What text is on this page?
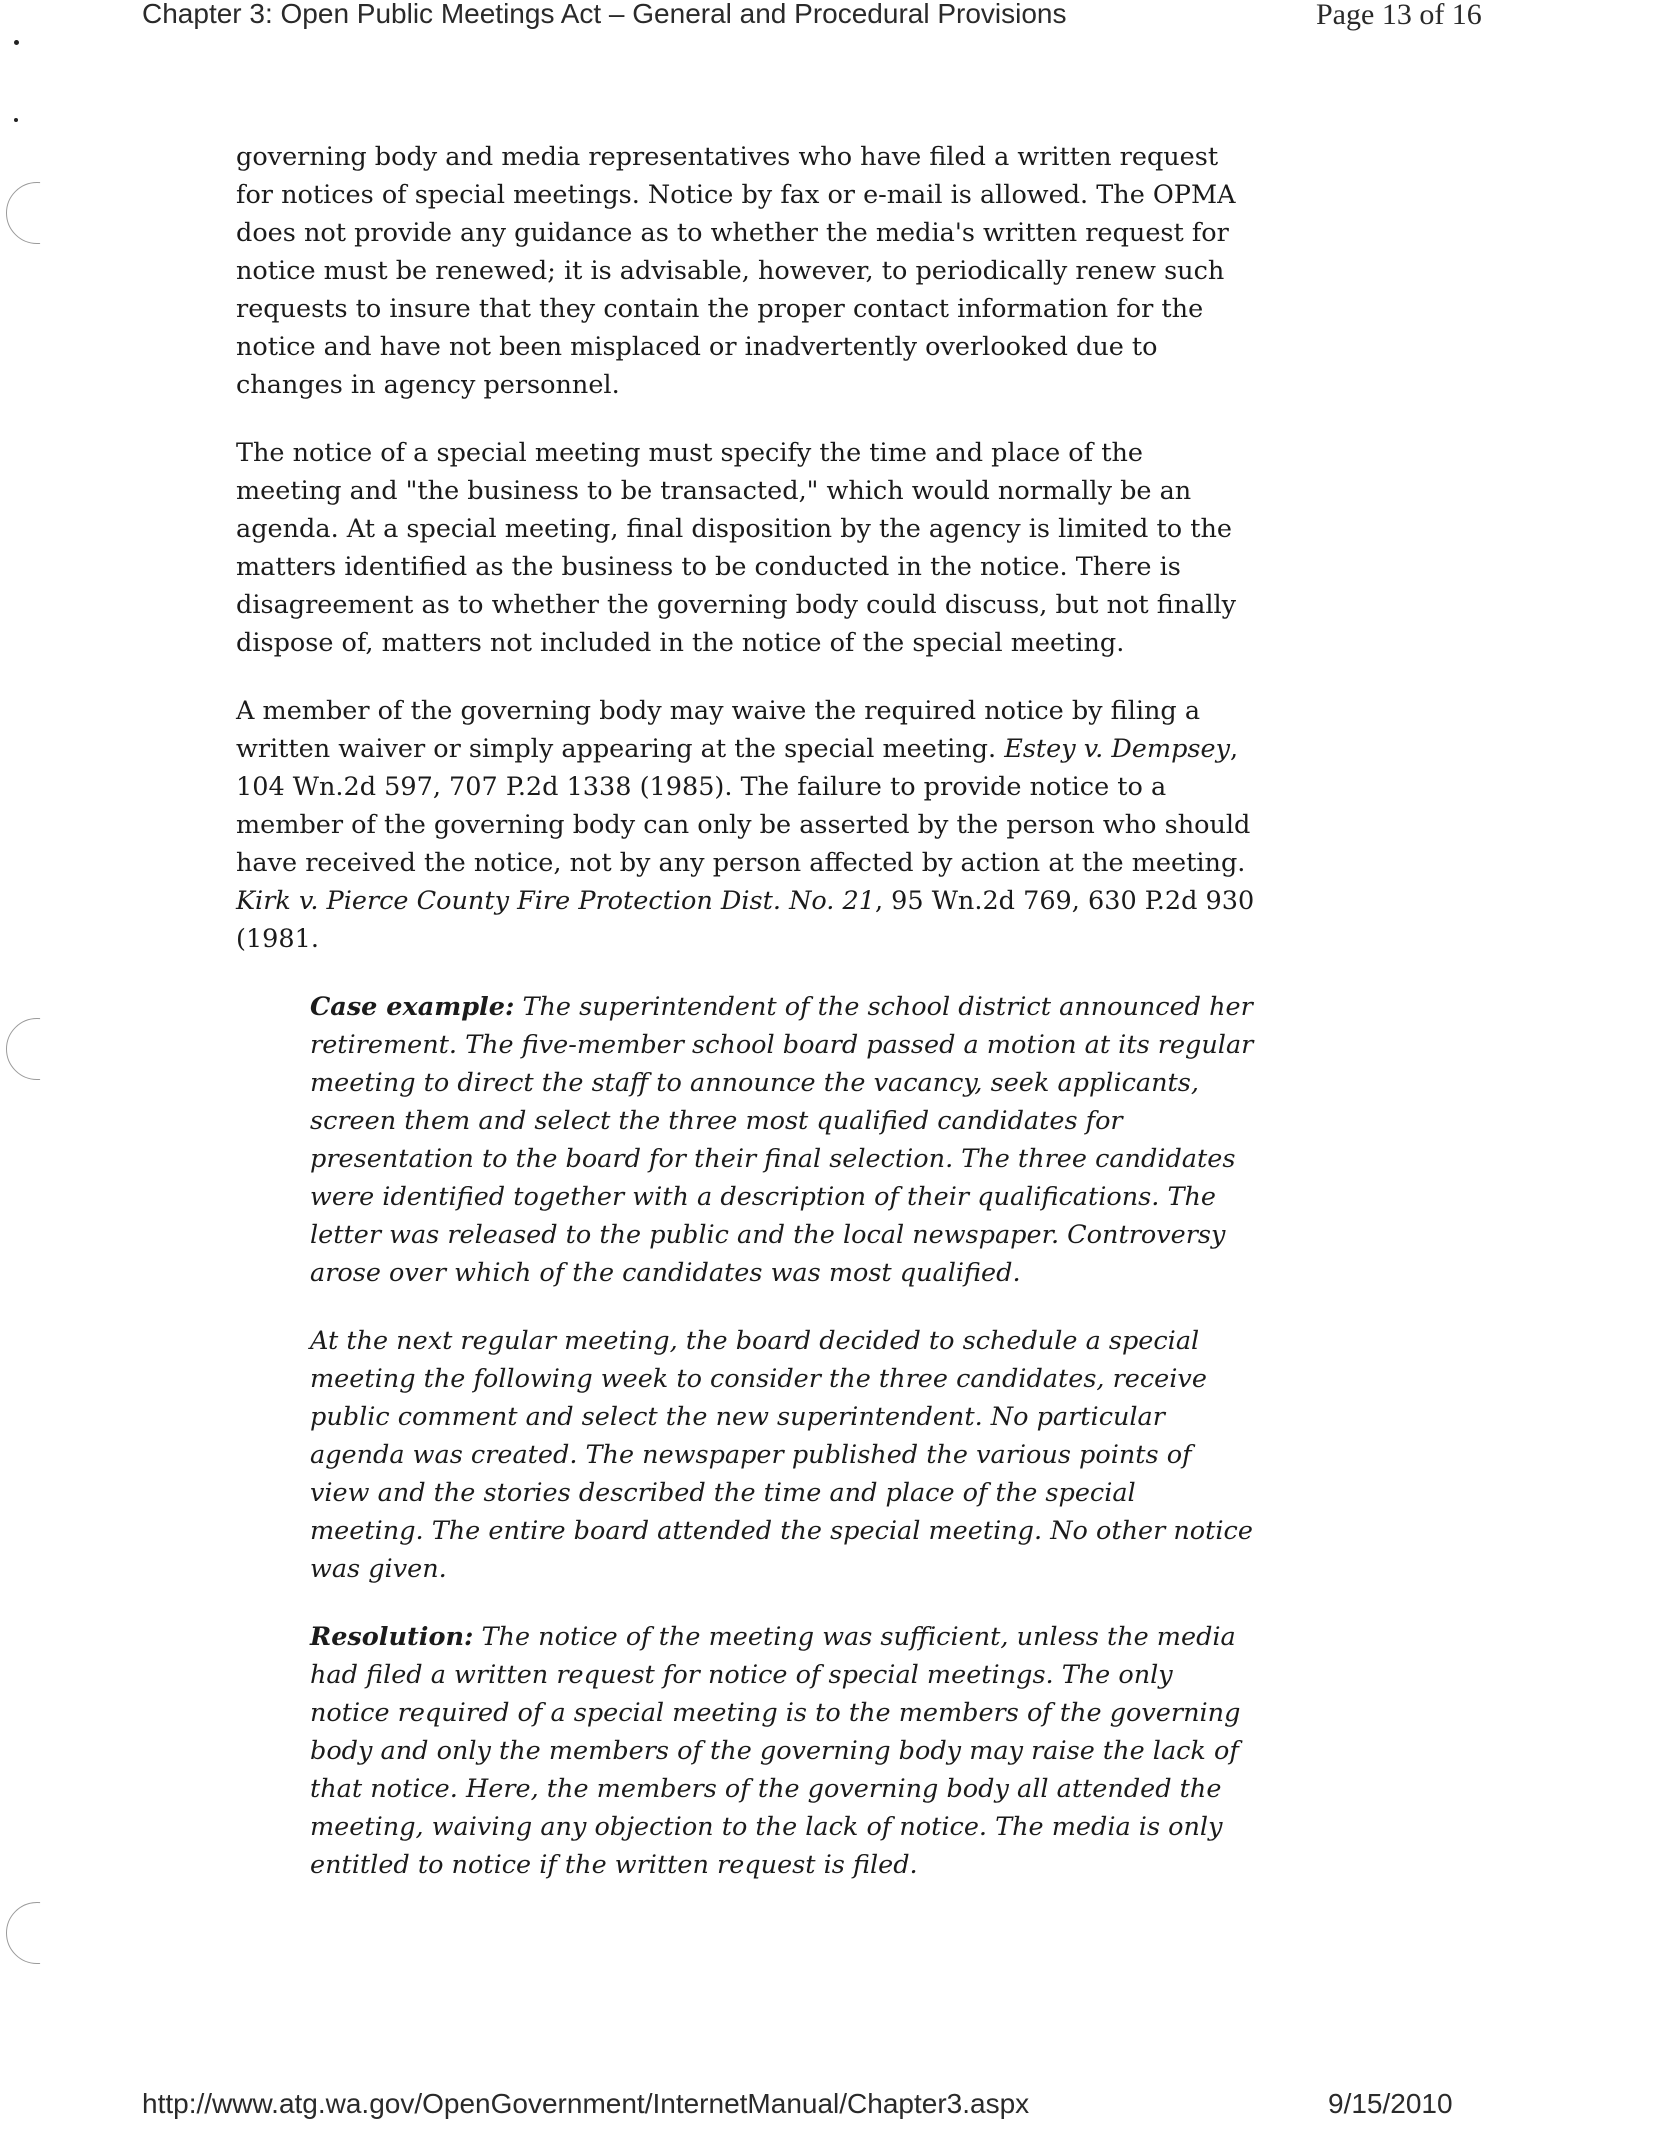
Chapter 3: Open Public Meetings Act – General and Procedural Provisions	Page 13 of 16

governing body and media representatives who have filed a written request for notices of special meetings. Notice by fax or e-mail is allowed. The OPMA does not provide any guidance as to whether the media's written request for notice must be renewed; it is advisable, however, to periodically renew such requests to insure that they contain the proper contact information for the notice and have not been misplaced or inadvertently overlooked due to changes in agency personnel.

The notice of a special meeting must specify the time and place of the meeting and "the business to be transacted," which would normally be an agenda. At a special meeting, final disposition by the agency is limited to the matters identified as the business to be conducted in the notice. There is disagreement as to whether the governing body could discuss, but not finally dispose of, matters not included in the notice of the special meeting.

A member of the governing body may waive the required notice by filing a written waiver or simply appearing at the special meeting. Estey v. Dempsey, 104 Wn.2d 597, 707 P.2d 1338 (1985). The failure to provide notice to a member of the governing body can only be asserted by the person who should have received the notice, not by any person affected by action at the meeting. Kirk v. Pierce County Fire Protection Dist. No. 21, 95 Wn.2d 769, 630 P.2d 930 (1981.

Case example: The superintendent of the school district announced her retirement. The five-member school board passed a motion at its regular meeting to direct the staff to announce the vacancy, seek applicants, screen them and select the three most qualified candidates for presentation to the board for their final selection. The three candidates were identified together with a description of their qualifications. The letter was released to the public and the local newspaper. Controversy arose over which of the candidates was most qualified.

At the next regular meeting, the board decided to schedule a special meeting the following week to consider the three candidates, receive public comment and select the new superintendent. No particular agenda was created. The newspaper published the various points of view and the stories described the time and place of the special meeting. The entire board attended the special meeting. No other notice was given.

Resolution: The notice of the meeting was sufficient, unless the media had filed a written request for notice of special meetings. The only notice required of a special meeting is to the members of the governing body and only the members of the governing body may raise the lack of that notice. Here, the members of the governing body all attended the meeting, waiving any objection to the lack of notice. The media is only entitled to notice if the written request is filed.

http://www.atg.wa.gov/OpenGovernment/InternetManual/Chapter3.aspx	9/15/2010
